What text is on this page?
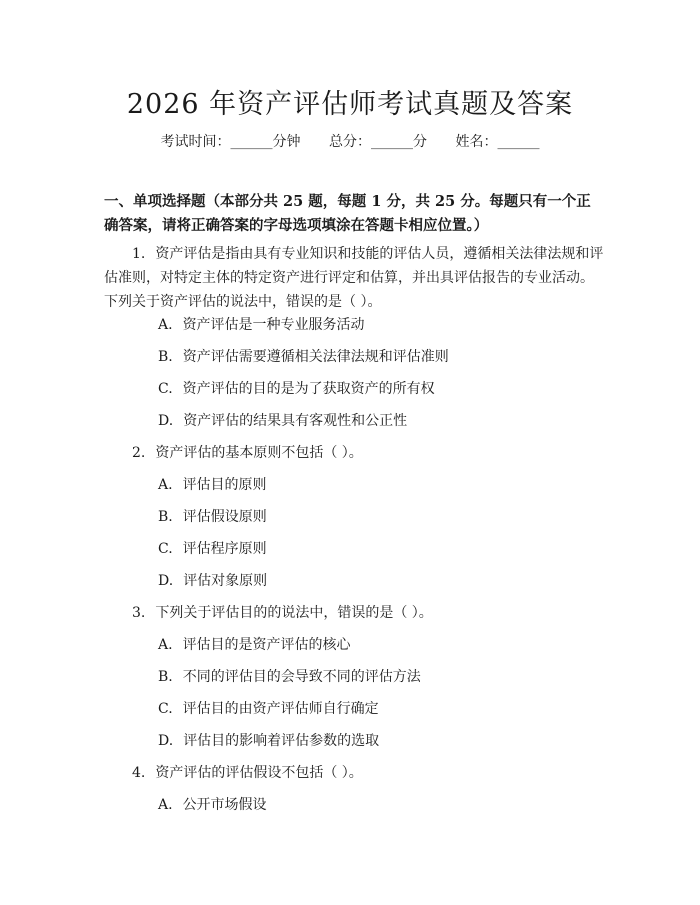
2026 年资产评估师考试真题及答案
考试时间：______分钟 总分：______分 姓名：______
一、单项选择题（本部分共 25 题，每题 1 分，共 25 分。每题只有一个正确答案，请将正确答案的字母选项填涂在答题卡相应位置。）
1. 资产评估是指由具有专业知识和技能的评估人员，遵循相关法律法规和评估准则，对特定主体的特定资产进行评定和估算，并出具评估报告的专业活动。下列关于资产评估的说法中，错误的是（ ）。
A. 资产评估是一种专业服务活动
B. 资产评估需要遵循相关法律法规和评估准则
C. 资产评估的目的是为了获取资产的所有权
D. 资产评估的结果具有客观性和公正性
2. 资产评估的基本原则不包括（ ）。
A. 评估目的原则
B. 评估假设原则
C. 评估程序原则
D. 评估对象原则
3. 下列关于评估目的的说法中，错误的是（ ）。
A. 评估目的是资产评估的核心
B. 不同的评估目的会导致不同的评估方法
C. 评估目的由资产评估师自行确定
D. 评估目的影响着评估参数的选取
4. 资产评估的评估假设不包括（ ）。
A. 公开市场假设
